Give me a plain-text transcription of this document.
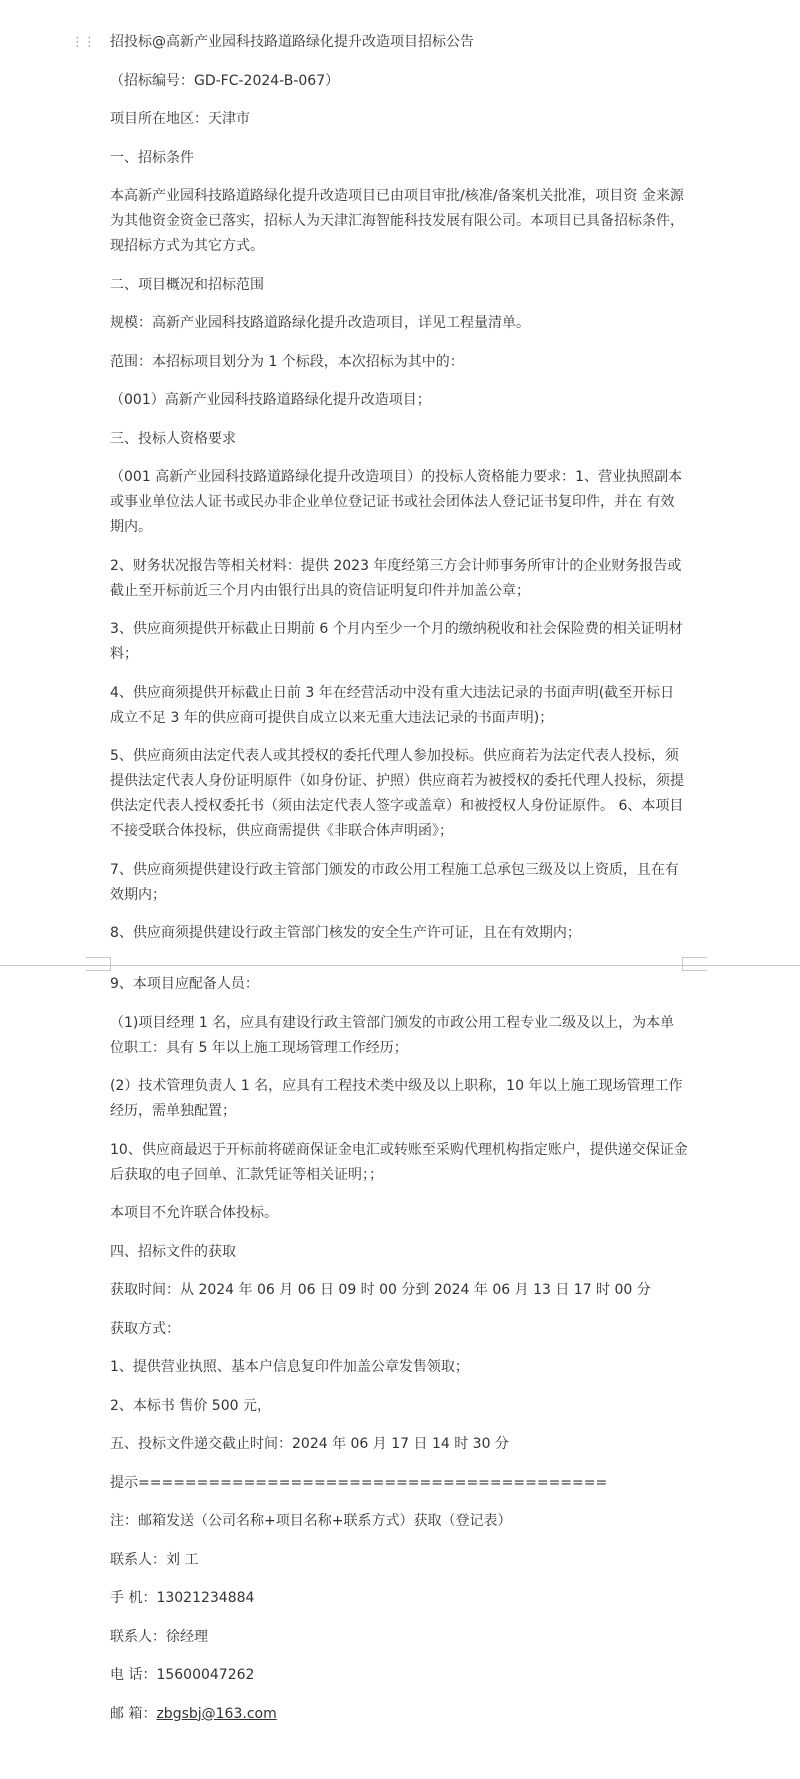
⋮⋮ 招投标@高新产业园科技路道路绿化提升改造项目招标公告

（招标编号：GD-FC-2024-B-067）

项目所在地区：天津市

一、招标条件

本高新产业园科技路道路绿化提升改造项目已由项目审批/核准/备案机关批准，项目资 金来源为其他资金资金已落实，招标人为天津汇海智能科技发展有限公司。本项目已具备招标条件，现招标方式为其它方式。

二、项目概况和招标范围

规模：高新产业园科技路道路绿化提升改造项目，详见工程量清单。

范围：本招标项目划分为 1 个标段，本次招标为其中的：

（001）高新产业园科技路道路绿化提升改造项目；

三、投标人资格要求

（001 高新产业园科技路道路绿化提升改造项目）的投标人资格能力要求：1、营业执照副本或事业单位法人证书或民办非企业单位登记证书或社会团体法人登记证书复印件，并在 有效期内。

2、财务状况报告等相关材料：提供 2023 年度经第三方会计师事务所审计的企业财务报告或 截止至开标前近三个月内由银行出具的资信证明复印件并加盖公章；

3、供应商须提供开标截止日期前 6 个月内至少一个月的缴纳税收和社会保险费的相关证明材料；

4、供应商须提供开标截止日前 3 年在经营活动中没有重大违法记录的书面声明(截至开标日成立不足 3 年的供应商可提供自成立以来无重大违法记录的书面声明)；

5、供应商须由法定代表人或其授权的委托代理人参加投标。供应商若为法定代表人投标，须提供法定代表人身份证明原件（如身份证、护照）供应商若为被授权的委托代理人投标，须提供法定代表人授权委托书（须由法定代表人签字或盖章）和被授权人身份证原件。 6、本项目不接受联合体投标，供应商需提供《非联合体声明函》；

7、供应商须提供建设行政主管部门颁发的市政公用工程施工总承包三级及以上资质，且在有效期内；

8、供应商须提供建设行政主管部门核发的安全生产许可证，且在有效期内；

9、本项目应配备人员：

（1)项目经理 1 名，应具有建设行政主管部门颁发的市政公用工程专业二级及以上，为本单位职工：具有 5 年以上施工现场管理工作经历；

(2）技术管理负责人 1 名，应具有工程技术类中级及以上职称，10 年以上施工现场管理工作经历，需单独配置；

10、供应商最迟于开标前将磋商保证金电汇或转账至采购代理机构指定账户，提供递交保证金后获取的电子回单、汇款凭证等相关证明；；

本项目不允许联合体投标。

四、招标文件的获取

获取时间：从 2024 年 06 月 06 日 09 时 00 分到 2024 年 06 月 13 日 17 时 00 分

获取方式：

1、提供营业执照、基本户信息复印件加盖公章发售领取；

2、本标书 售价 500 元，

五、投标文件递交截止时间：2024 年 06 月 17 日 14 时 30 分

提示========================================

注：邮箱发送（公司名称+项目名称+联系方式）获取（登记表）

联系人：刘 工

手 机：13021234884

联系人：徐经理

电 话：15600047262

邮 箱：zbgsbj@163.com
